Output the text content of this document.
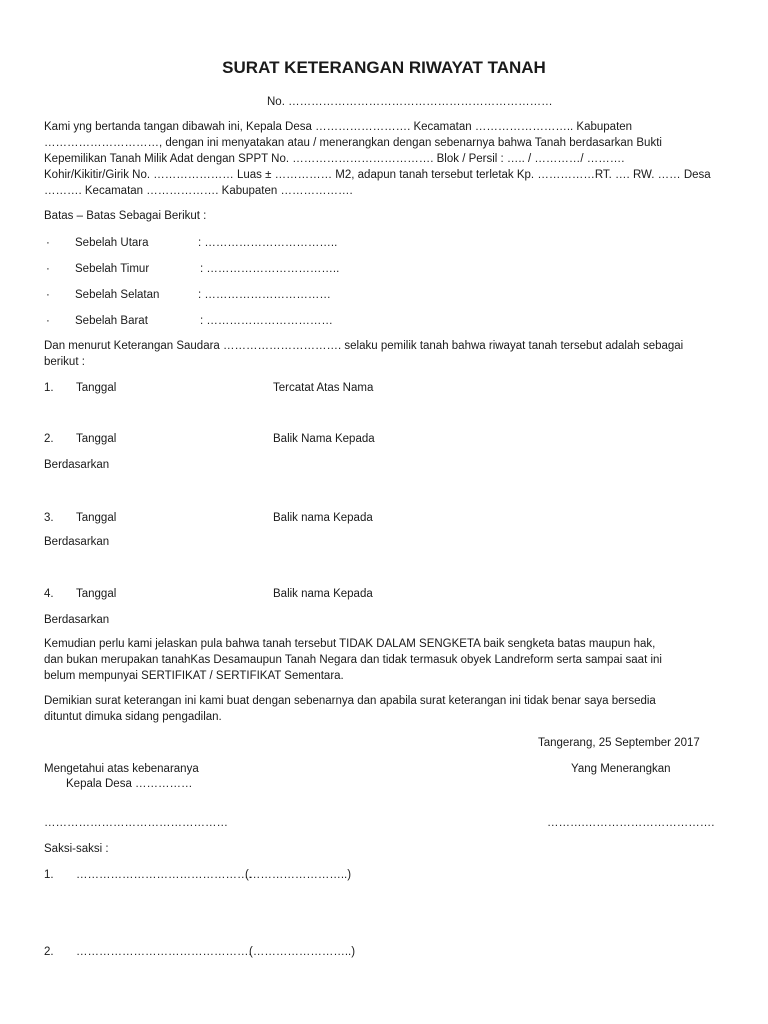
SURAT KETERANGAN RIWAYAT TANAH
No. ……………………………………………………………
Kami yng bertanda tangan dibawah ini, Kepala Desa ……………………. Kecamatan …………………….. Kabupaten
…………………………, dengan ini menyatakan atau / menerangkan dengan sebenarnya bahwa Tanah berdasarkan Bukti
Kepemilikan Tanah Milik Adat dengan SPPT No. ………………………………. Blok / Persil : ….. / …………/ ……….
Kohir/Kikitir/Girik No. ………………… Luas ± …………… M2, adapun tanah tersebut terletak Kp. ……………RT. …. RW. …… Desa
………. Kecamatan ………………. Kabupaten ……………….
Batas – Batas Sebagai Berikut :
· Sebelah Utara	: ……………………………..
· Sebelah Timur	: ……………………………..
· Sebelah Selatan	: ……………………………
· Sebelah Barat	: ……………………………
Dan menurut Keterangan Saudara …………………………. selaku pemilik tanah bahwa riwayat tanah tersebut adalah sebagai
berikut :
1. Tanggal	Tercatat Atas Nama
2. Tanggal	Balik Nama Kepada
Berdasarkan
3. Tanggal	Balik nama Kepada
Berdasarkan
4. Tanggal	Balik nama Kepada
Berdasarkan
Kemudian perlu kami jelaskan pula bahwa tanah tersebut TIDAK DALAM SENGKETA baik sengketa batas maupun hak,
dan bukan merupakan tanahKas Desamaupun Tanah Negara dan tidak termasuk obyek Landreform serta sampai saat ini
belum mempunyai SERTIFIKAT / SERTIFIKAT Sementara.
Demikian surat keterangan ini kami buat dengan sebenarnya dan apabila surat keterangan ini tidak benar saya bersedia
dituntut dimuka sidang pengadilan.
Tangerang, 25 September 2017
Mengetahui atas kebenaranya
Kepala Desa ……………
…………………………………………
Yang Menerangkan
……….…………………………….
Saksi-saksi :
1. ……………………………………….
(……………………..)
2. ……………………………………….
(……………………..)
